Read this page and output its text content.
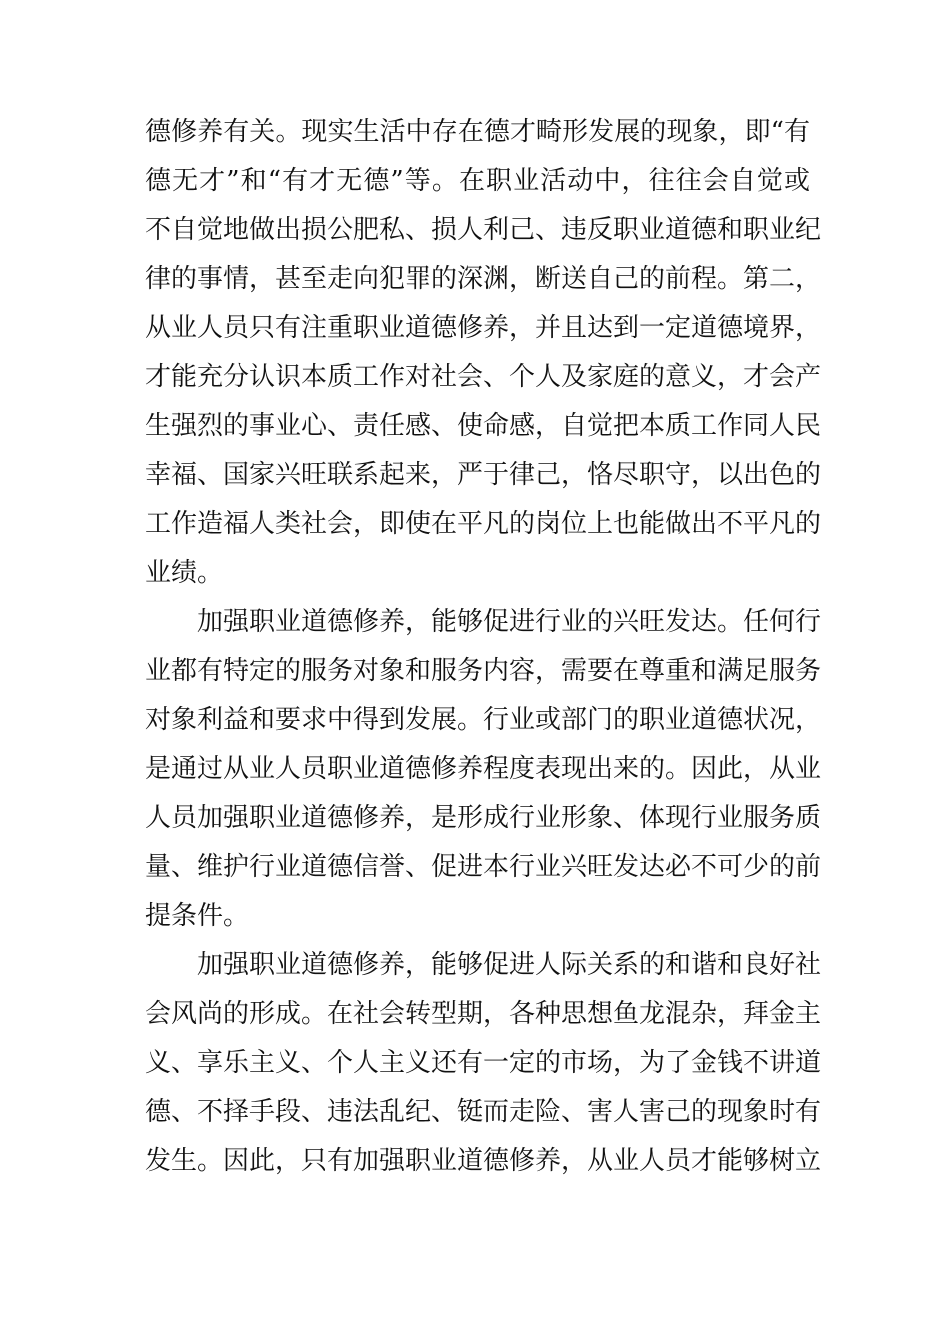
德修养有关。现实生活中存在德才畸形发展的现象，即“有
德无才”和“有才无德”等。在职业活动中，往往会自觉或
不自觉地做出损公肥私、损人利己、违反职业道德和职业纪
律的事情，甚至走向犯罪的深渊，断送自己的前程。第二，
从业人员只有注重职业道德修养，并且达到一定道德境界，
才能充分认识本质工作对社会、个人及家庭的意义，才会产
生强烈的事业心、责任感、使命感，自觉把本质工作同人民
幸福、国家兴旺联系起来，严于律己，恪尽职守，以出色的
工作造福人类社会，即使在平凡的岗位上也能做出不平凡的
业绩。
加强职业道德修养，能够促进行业的兴旺发达。任何行
业都有特定的服务对象和服务内容，需要在尊重和满足服务
对象利益和要求中得到发展。行业或部门的职业道德状况，
是通过从业人员职业道德修养程度表现出来的。因此，从业
人员加强职业道德修养，是形成行业形象、体现行业服务质
量、维护行业道德信誉、促进本行业兴旺发达必不可少的前
提条件。
加强职业道德修养，能够促进人际关系的和谐和良好社
会风尚的形成。在社会转型期，各种思想鱼龙混杂，拜金主
义、享乐主义、个人主义还有一定的市场，为了金钱不讲道
德、不择手段、违法乱纪、铤而走险、害人害己的现象时有
发生。因此，只有加强职业道德修养，从业人员才能够树立
